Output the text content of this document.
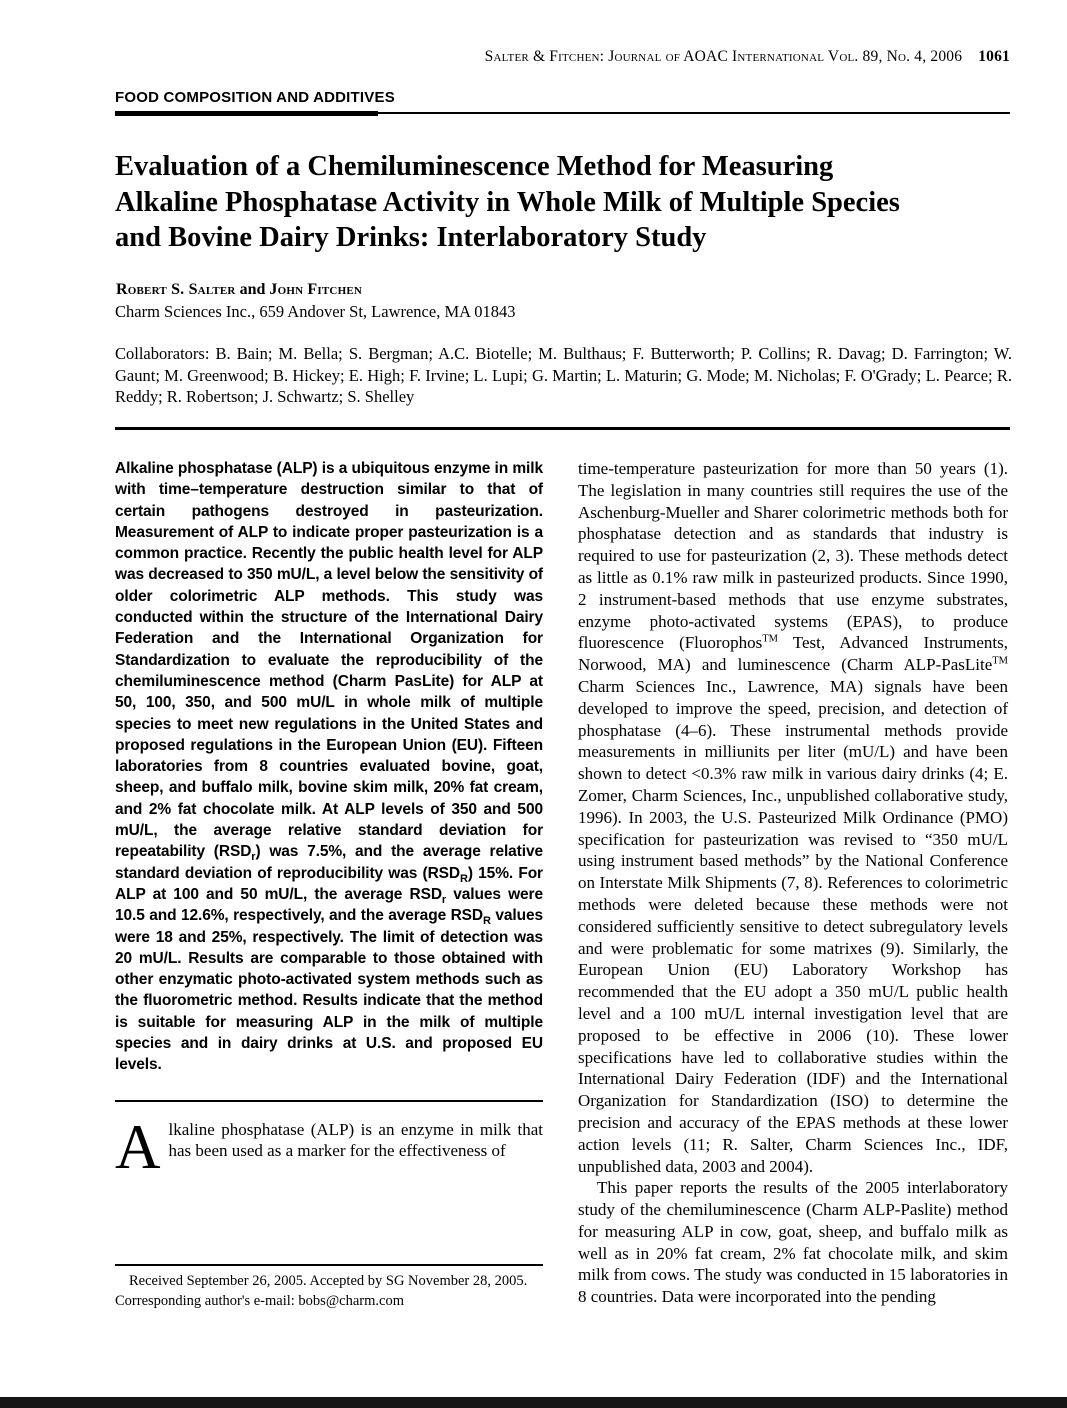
Salter & Fitchen: Journal of AOAC International Vol. 89, No. 4, 2006 1061
FOOD COMPOSITION AND ADDITIVES
Evaluation of a Chemiluminescence Method for Measuring
Alkaline Phosphatase Activity in Whole Milk of Multiple Species
and Bovine Dairy Drinks: Interlaboratory Study
Robert S. Salter and John Fitchen
Charm Sciences Inc., 659 Andover St, Lawrence, MA 01843
Collaborators: B. Bain; M. Bella; S. Bergman; A.C. Biotelle; M. Bulthaus; F. Butterworth; P. Collins; R. Davag; D. Farrington; W. Gaunt; M. Greenwood; B. Hickey; E. High; F. Irvine; L. Lupi; G. Martin; L. Maturin; G. Mode; M. Nicholas; F. O'Grady; L. Pearce; R. Reddy; R. Robertson; J. Schwartz; S. Shelley

Alkaline phosphatase (ALP) is a ubiquitous enzyme in milk with time–temperature destruction similar to that of certain pathogens destroyed in pasteurization. Measurement of ALP to indicate proper pasteurization is a common practice. Recently the public health level for ALP was decreased to 350 mU/L, a level below the sensitivity of older colorimetric ALP methods. This study was conducted within the structure of the International Dairy Federation and the International Organization for Standardization to evaluate the reproducibility of the chemiluminescence method (Charm PasLite) for ALP at 50, 100, 350, and 500 mU/L in whole milk of multiple species to meet new regulations in the United States and proposed regulations in the European Union (EU). Fifteen laboratories from 8 countries evaluated bovine, goat, sheep, and buffalo milk, bovine skim milk, 20% fat cream, and 2% fat chocolate milk. At ALP levels of 350 and 500 mU/L, the average relative standard deviation for repeatability $(RSD_r)$ was 7.5%, and the average relative standard deviation of reproducibility was $(RSD_R)$ 15%. For ALP at 100 and 50 mU/L, the average $RSD_r$ values were 10.5 and 12.6%, respectively, and the average $RSD_R$ values were 18 and 25%, respectively. The limit of detection was 20 mU/L. Results are comparable to those obtained with other enzymatic photo-activated system methods such as the fluorometric method. Results indicate that the method is suitable for measuring ALP in the milk of multiple species and in dairy drinks at U.S. and proposed EU levels.

Alkaline phosphatase (ALP) is an enzyme in milk that has been used as a marker for the effectiveness of

Received September 26, 2005. Accepted by SG November 28, 2005.
Corresponding author's e-mail: bobs@charm.com

time-temperature pasteurization for more than 50 years (1). The legislation in many countries still requires the use of the Aschenburg-Mueller and Sharer colorimetric methods both for phosphatase detection and as standards that industry is required to use for pasteurization (2, 3). These methods detect as little as 0.1% raw milk in pasteurized products. Since 1990, 2 instrument-based methods that use enzyme substrates, enzyme photo-activated systems (EPAS), to produce fluorescence (Fluorophos™ Test, Advanced Instruments, Norwood, MA) and luminescence (Charm ALP-PasLite™ Charm Sciences Inc., Lawrence, MA) signals have been developed to improve the speed, precision, and detection of phosphatase (4–6). These instrumental methods provide measurements in milliunits per liter (mU/L) and have been shown to detect <0.3% raw milk in various dairy drinks (4; E. Zomer, Charm Sciences, Inc., unpublished collaborative study, 1996). In 2003, the U.S. Pasteurized Milk Ordinance (PMO) specification for pasteurization was revised to “350 mU/L using instrument based methods” by the National Conference on Interstate Milk Shipments (7, 8). References to colorimetric methods were deleted because these methods were not considered sufficiently sensitive to detect subregulatory levels and were problematic for some matrixes (9). Similarly, the European Union (EU) Laboratory Workshop has recommended that the EU adopt a 350 mU/L public health level and a 100 mU/L internal investigation level that are proposed to be effective in 2006 (10). These lower specifications have led to collaborative studies within the International Dairy Federation (IDF) and the International Organization for Standardization (ISO) to determine the precision and accuracy of the EPAS methods at these lower action levels (11; R. Salter, Charm Sciences Inc., IDF, unpublished data, 2003 and 2004).

This paper reports the results of the 2005 interlaboratory study of the chemiluminescence (Charm ALP-Paslite) method for measuring ALP in cow, goat, sheep, and buffalo milk as well as in 20% fat cream, 2% fat chocolate milk, and skim milk from cows. The study was conducted in 15 laboratories in 8 countries. Data were incorporated into the pending
